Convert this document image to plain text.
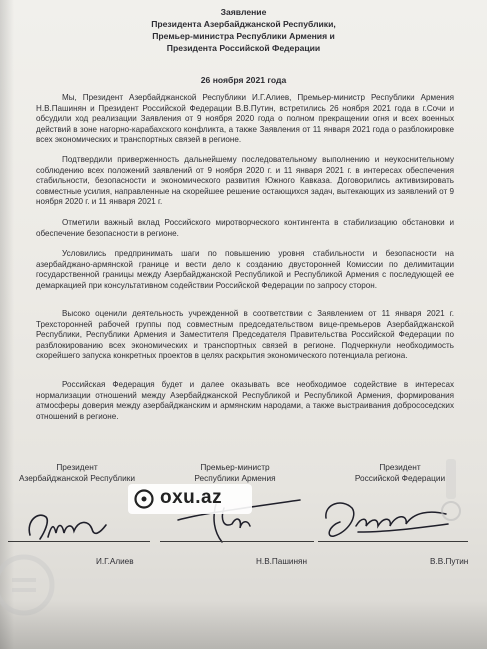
Заявление
Президента Азербайджанской Республики,
Премьер-министра Республики Армения и
Президента Российской Федерации
26 ноября 2021 года

Мы, Президент Азербайджанской Республики И.Г.Алиев, Премьер-министр Республики Армения Н.В.Пашинян и Президент Российской Федерации В.В.Путин, встретились 26 ноября 2021 года в г.Сочи и обсудили ход реализации Заявления от 9 ноября 2020 года о полном прекращении огня и всех военных действий в зоне нагорно-карабахского конфликта, а также Заявления от 11 января 2021 года о разблокировке всех экономических и транспортных связей в регионе.

Подтвердили приверженность дальнейшему последовательному выполнению и неукоснительному соблюдению всех положений заявлений от 9 ноября 2020 г. и 11 января 2021 г. в интересах обеспечения стабильности, безопасности и экономического развития Южного Кавказа. Договорились активизировать совместные усилия, направленные на скорейшее решение остающихся задач, вытекающих из заявлений от 9 ноября 2020 г. и 11 января 2021 г.

Отметили важный вклад Российского миротворческого контингента в стабилизацию обстановки и обеспечение безопасности в регионе.

Условились предпринимать шаги по повышению уровня стабильности и безопасности на азербайджано-армянской границе и вести дело к созданию двусторонней Комиссии по делимитации государственной границы между Азербайджанской Республикой и Республикой Армения с последующей ее демаркацией при консультативном содействии Российской Федерации по запросу сторон.

Высоко оценили деятельность учрежденной в соответствии с Заявлением от 11 января 2021 г. Трехсторонней рабочей группы под совместным председательством вице-премьеров Азербайджанской Республики, Республики Армения и Заместителя Председателя Правительства Российской Федерации по разблокированию всех экономических и транспортных связей в регионе. Подчеркнули необходимость скорейшего запуска конкретных проектов в целях раскрытия экономического потенциала региона.

Российская Федерация будет и далее оказывать все необходимое содействие в интересах нормализации отношений между Азербайджанской Республикой и Республикой Армения, формирования атмосферы доверия между азербайджанским и армянским народами, а также выстраивания добрососедских отношений в регионе.

Президент
Азербайджанской Республики
И.Г.Алиев
Премьер-министр
Республики Армения
Н.В.Пашинян
Президент
Российской Федерации
В.В.Путин
oxu.az
